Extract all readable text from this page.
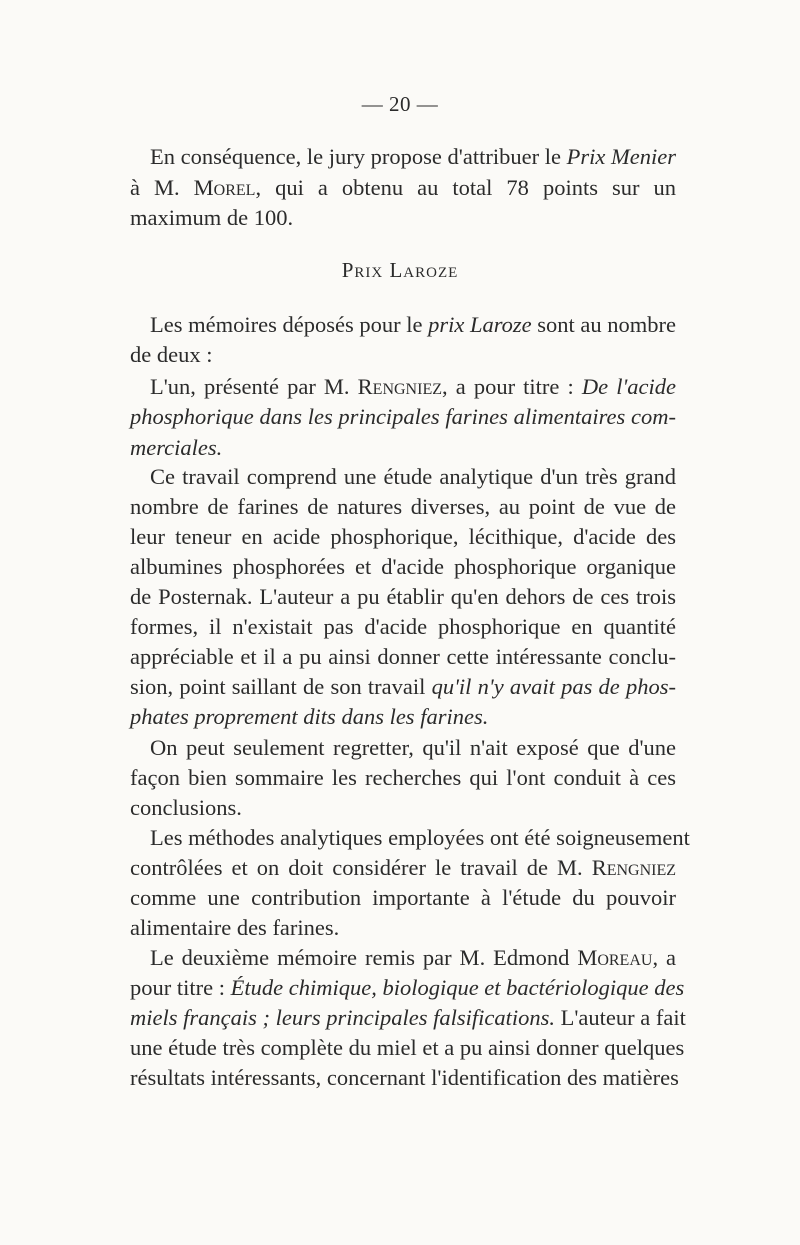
— 20 —
En conséquence, le jury propose d'attribuer le Prix Menier
à M. Morel, qui a obtenu au total 78 points sur un
maximum de 100.
Prix Laroze
Les mémoires déposés pour le prix Laroze sont au nombre
de deux :
L'un, présenté par M. Rengniez, a pour titre : De l'acide
phosphorique dans les principales farines alimentaires com-
merciales.
Ce travail comprend une étude analytique d'un très grand
nombre de farines de natures diverses, au point de vue de
leur teneur en acide phosphorique, lécithique, d'acide des
albumines phosphorées et d'acide phosphorique organique
de Posternak. L'auteur a pu établir qu'en dehors de ces trois
formes, il n'existait pas d'acide phosphorique en quantité
appréciable et il a pu ainsi donner cette intéressante conclu-
sion, point saillant de son travail qu'il n'y avait pas de phos-
phates proprement dits dans les farines.
On peut seulement regretter, qu'il n'ait exposé que d'une
façon bien sommaire les recherches qui l'ont conduit à ces
conclusions.
Les méthodes analytiques employées ont été soigneusement
contrôlées et on doit considérer le travail de M. Rengniez
comme une contribution importante à l'étude du pouvoir
alimentaire des farines.
Le deuxième mémoire remis par M. Edmond Moreau, a
pour titre : Étude chimique, biologique et bactériologique des
miels français ; leurs principales falsifications. L'auteur a fait
une étude très complète du miel et a pu ainsi donner quelques
résultats intéressants, concernant l'identification des matières
